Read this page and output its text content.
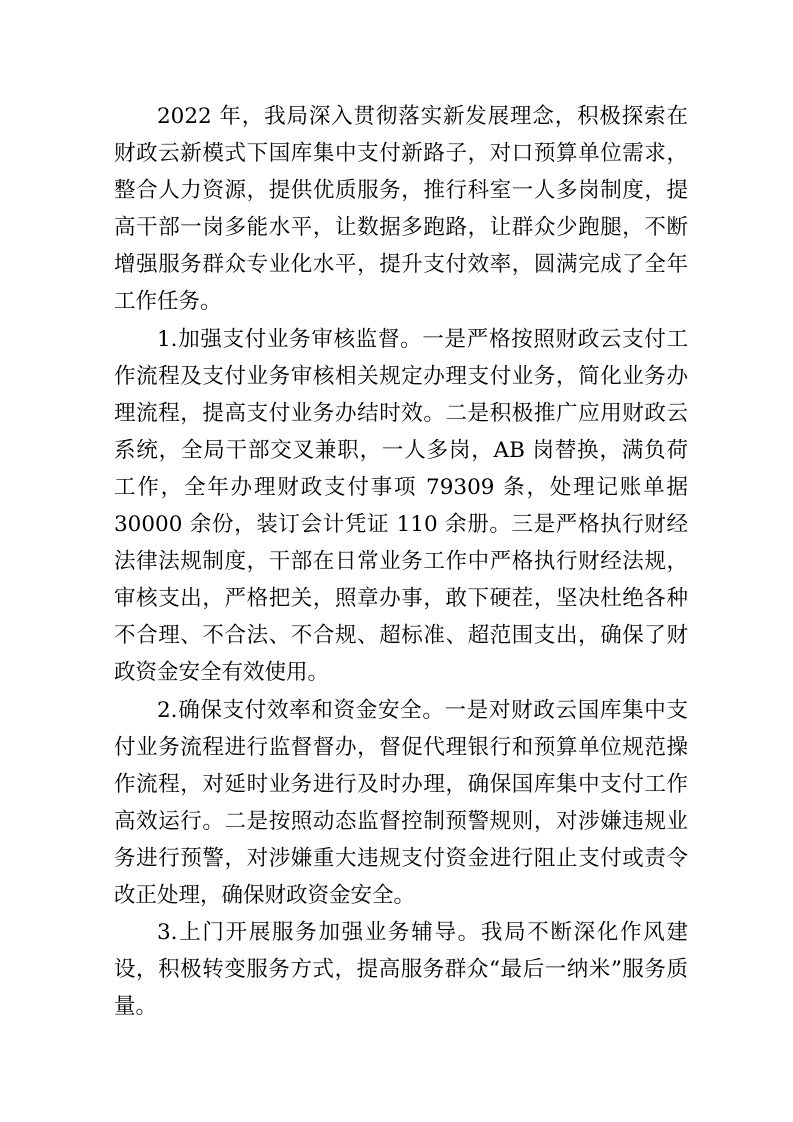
2022 年，我局深入贯彻落实新发展理念，积极探索在财政云新模式下国库集中支付新路子，对口预算单位需求，整合人力资源，提供优质服务，推行科室一人多岗制度，提高干部一岗多能水平，让数据多跑路，让群众少跑腿，不断增强服务群众专业化水平，提升支付效率，圆满完成了全年工作任务。

1.加强支付业务审核监督。一是严格按照财政云支付工作流程及支付业务审核相关规定办理支付业务，简化业务办理流程，提高支付业务办结时效。二是积极推广应用财政云系统，全局干部交叉兼职，一人多岗，AB 岗替换，满负荷工作，全年办理财政支付事项 79309 条，处理记账单据 30000 余份，装订会计凭证 110 余册。三是严格执行财经法律法规制度，干部在日常业务工作中严格执行财经法规，审核支出，严格把关，照章办事，敢下硬茬，坚决杜绝各种不合理、不合法、不合规、超标准、超范围支出，确保了财政资金安全有效使用。

2.确保支付效率和资金安全。一是对财政云国库集中支付业务流程进行监督督办，督促代理银行和预算单位规范操作流程，对延时业务进行及时办理，确保国库集中支付工作高效运行。二是按照动态监督控制预警规则，对涉嫌违规业务进行预警，对涉嫌重大违规支付资金进行阻止支付或责令改正处理，确保财政资金安全。

3.上门开展服务加强业务辅导。我局不断深化作风建设，积极转变服务方式，提高服务群众“最后一纳米”服务质量。
